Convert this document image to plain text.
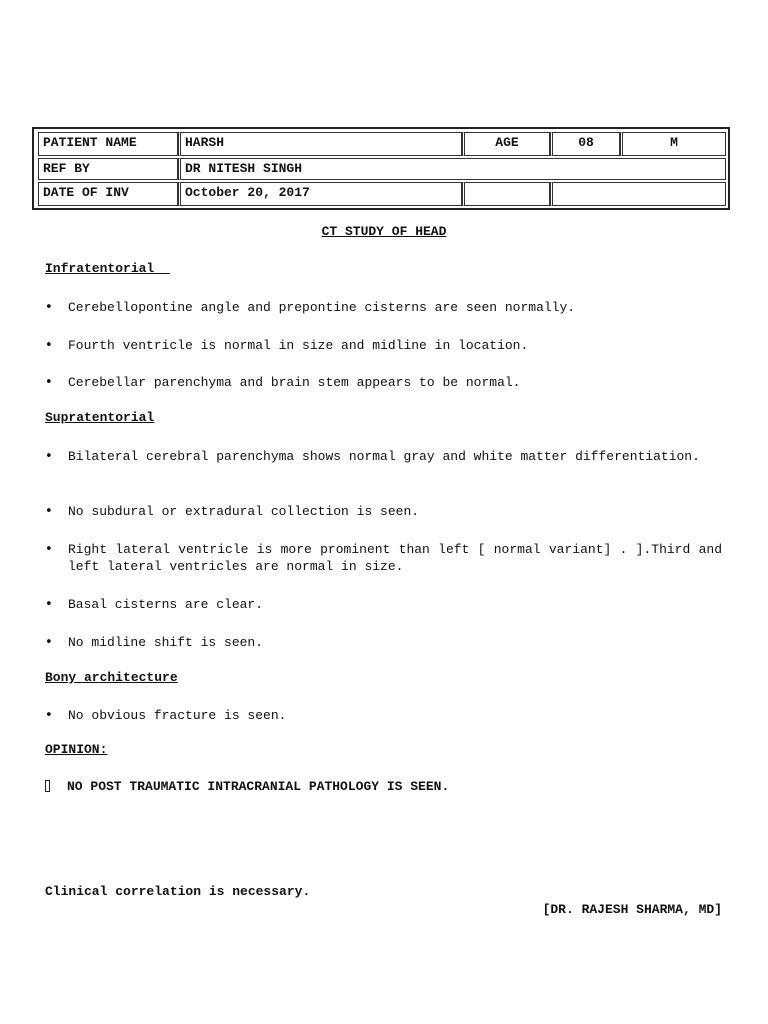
PATIENT NAME	HARSH	AGE	08	M
REF BY	DR NITESH SINGH
DATE OF INV	October 20, 2017
CT STUDY OF HEAD
Infratentorial
• Cerebellopontine angle and prepontine cisterns are seen normally.
• Fourth ventricle is normal in size and midline in location.
• Cerebellar parenchyma and brain stem appears to be normal.
Supratentorial
• Bilateral cerebral parenchyma shows normal gray and white matter differentiation.
• No subdural or extradural collection is seen.
• Right lateral ventricle is more prominent than left [ normal variant] . ].Third and left lateral ventricles are normal in size.
• Basal cisterns are clear.
• No midline shift is seen.
Bony architecture
• No obvious fracture is seen.
OPINION:
NO POST TRAUMATIC INTRACRANIAL PATHOLOGY IS SEEN.
Clinical correlation is necessary.
[DR. RAJESH SHARMA, MD]
